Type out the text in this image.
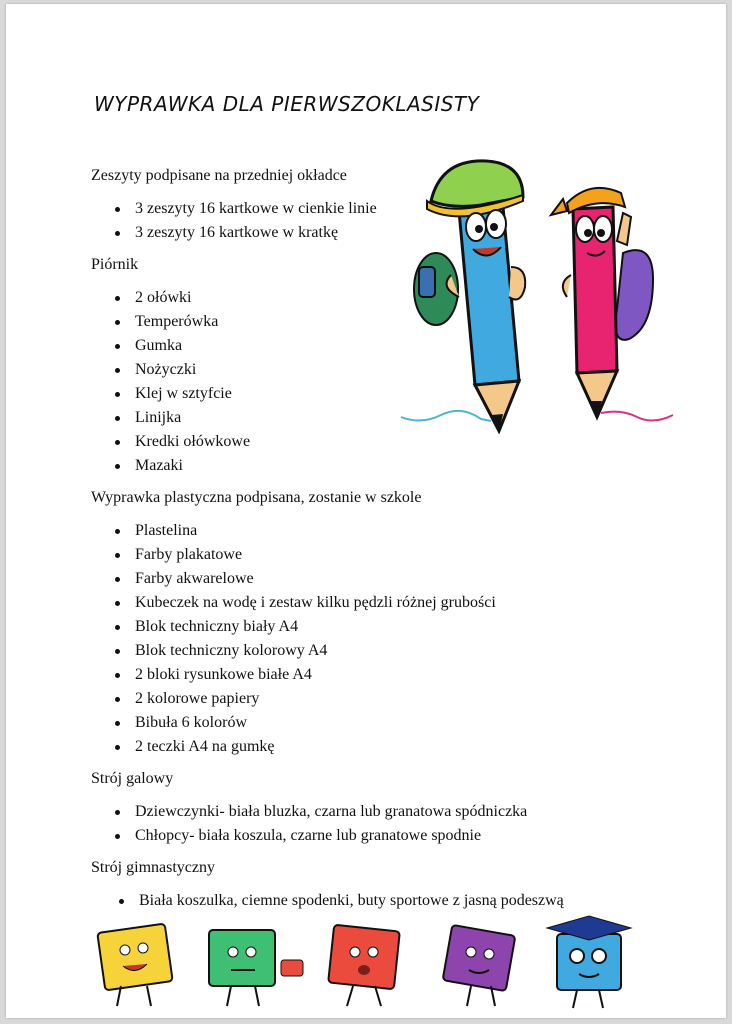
WYPRAWKA DLA PIERWSZOKLASISTY

Zeszyty podpisane na przedniej okładce

3 zeszyty 16 kartkowe w cienkie linie
3 zeszyty 16 kartkowe w kratkę

Piórnik

2 ołówki
Temperówka
Gumka
Nożyczki
Klej w sztyfcie
Linijka
Kredki ołówkowe
Mazaki

Wyprawka plastyczna podpisana, zostanie w szkole

Plastelina
Farby plakatowe
Farby akwarelowe
Kubeczek na wodę i zestaw kilku pędzli różnej grubości
Blok techniczny biały A4
Blok techniczny kolorowy A4
2 bloki rysunkowe białe A4
2 kolorowe papiery
Bibuła 6 kolorów
2 teczki A4 na gumkę

Strój galowy

Dziewczynki- biała bluzka, czarna lub granatowa spódniczka
Chłopcy- biała koszula, czarne lub granatowe spodnie

Strój gimnastyczny

Biała koszulka, ciemne spodenki, buty sportowe z jasną podeszwą
